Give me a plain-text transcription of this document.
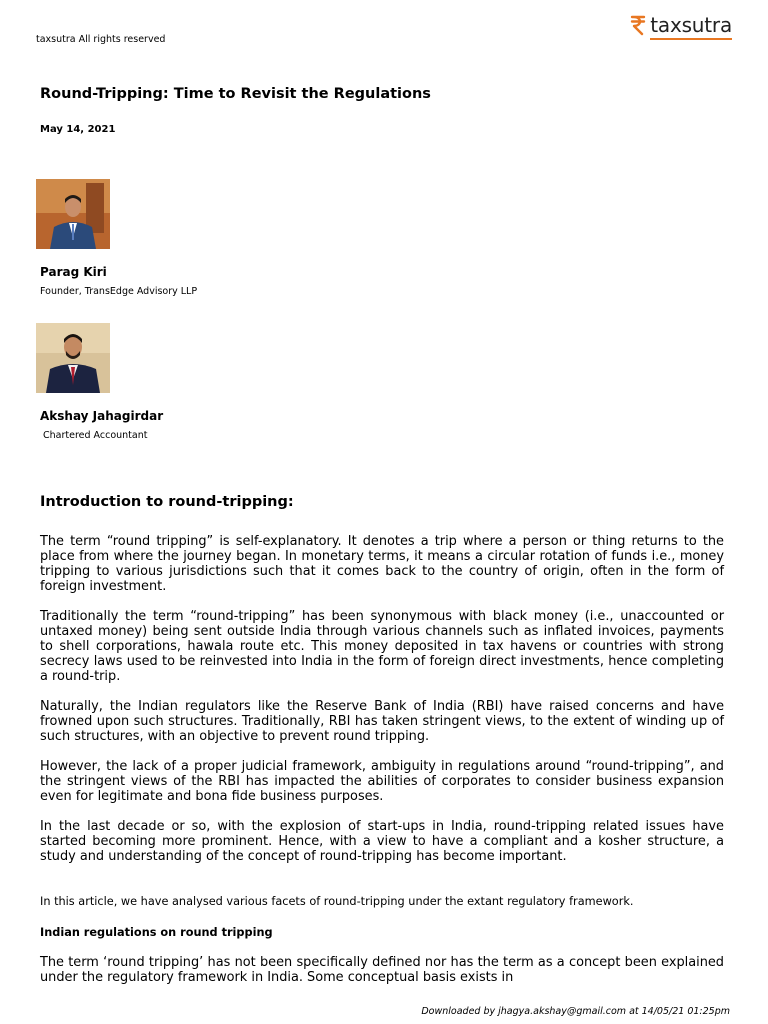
taxsutra All rights reserved
taxsutra
Round-Tripping: Time to Revisit the Regulations
May 14, 2021
Parag Kiri
Founder, TransEdge Advisory LLP
Akshay Jahagirdar
Chartered Accountant
Introduction to round-tripping:

The term “round tripping” is self-explanatory. It denotes a trip where a person or thing returns to the place from where the journey began. In monetary terms, it means a circular rotation of funds i.e., money tripping to various jurisdictions such that it comes back to the country of origin, often in the form of foreign investment.

Traditionally the term “round-tripping” has been synonymous with black money (i.e., unaccounted or untaxed money) being sent outside India through various channels such as inflated invoices, payments to shell corporations, hawala route etc. This money deposited in tax havens or countries with strong secrecy laws used to be reinvested into India in the form of foreign direct investments, hence completing a round-trip.

Naturally, the Indian regulators like the Reserve Bank of India (RBI) have raised concerns and have frowned upon such structures. Traditionally, RBI has taken stringent views, to the extent of winding up of such structures, with an objective to prevent round tripping.

However, the lack of a proper judicial framework, ambiguity in regulations around “round-tripping”, and the stringent views of the RBI has impacted the abilities of corporates to consider business expansion even for legitimate and bona fide business purposes.

In the last decade or so, with the explosion of start-ups in India, round-tripping related issues have started becoming more prominent. Hence, with a view to have a compliant and a kosher structure, a study and understanding of the concept of round-tripping has become important.

In this article, we have analysed various facets of round-tripping under the extant regulatory framework.
Indian regulations on round tripping

The term ‘round tripping’ has not been specifically defined nor has the term as a concept been explained under the regulatory framework in India. Some conceptual basis exists in

Downloaded by jhagya.akshay@gmail.com at 14/05/21 01:25pm
